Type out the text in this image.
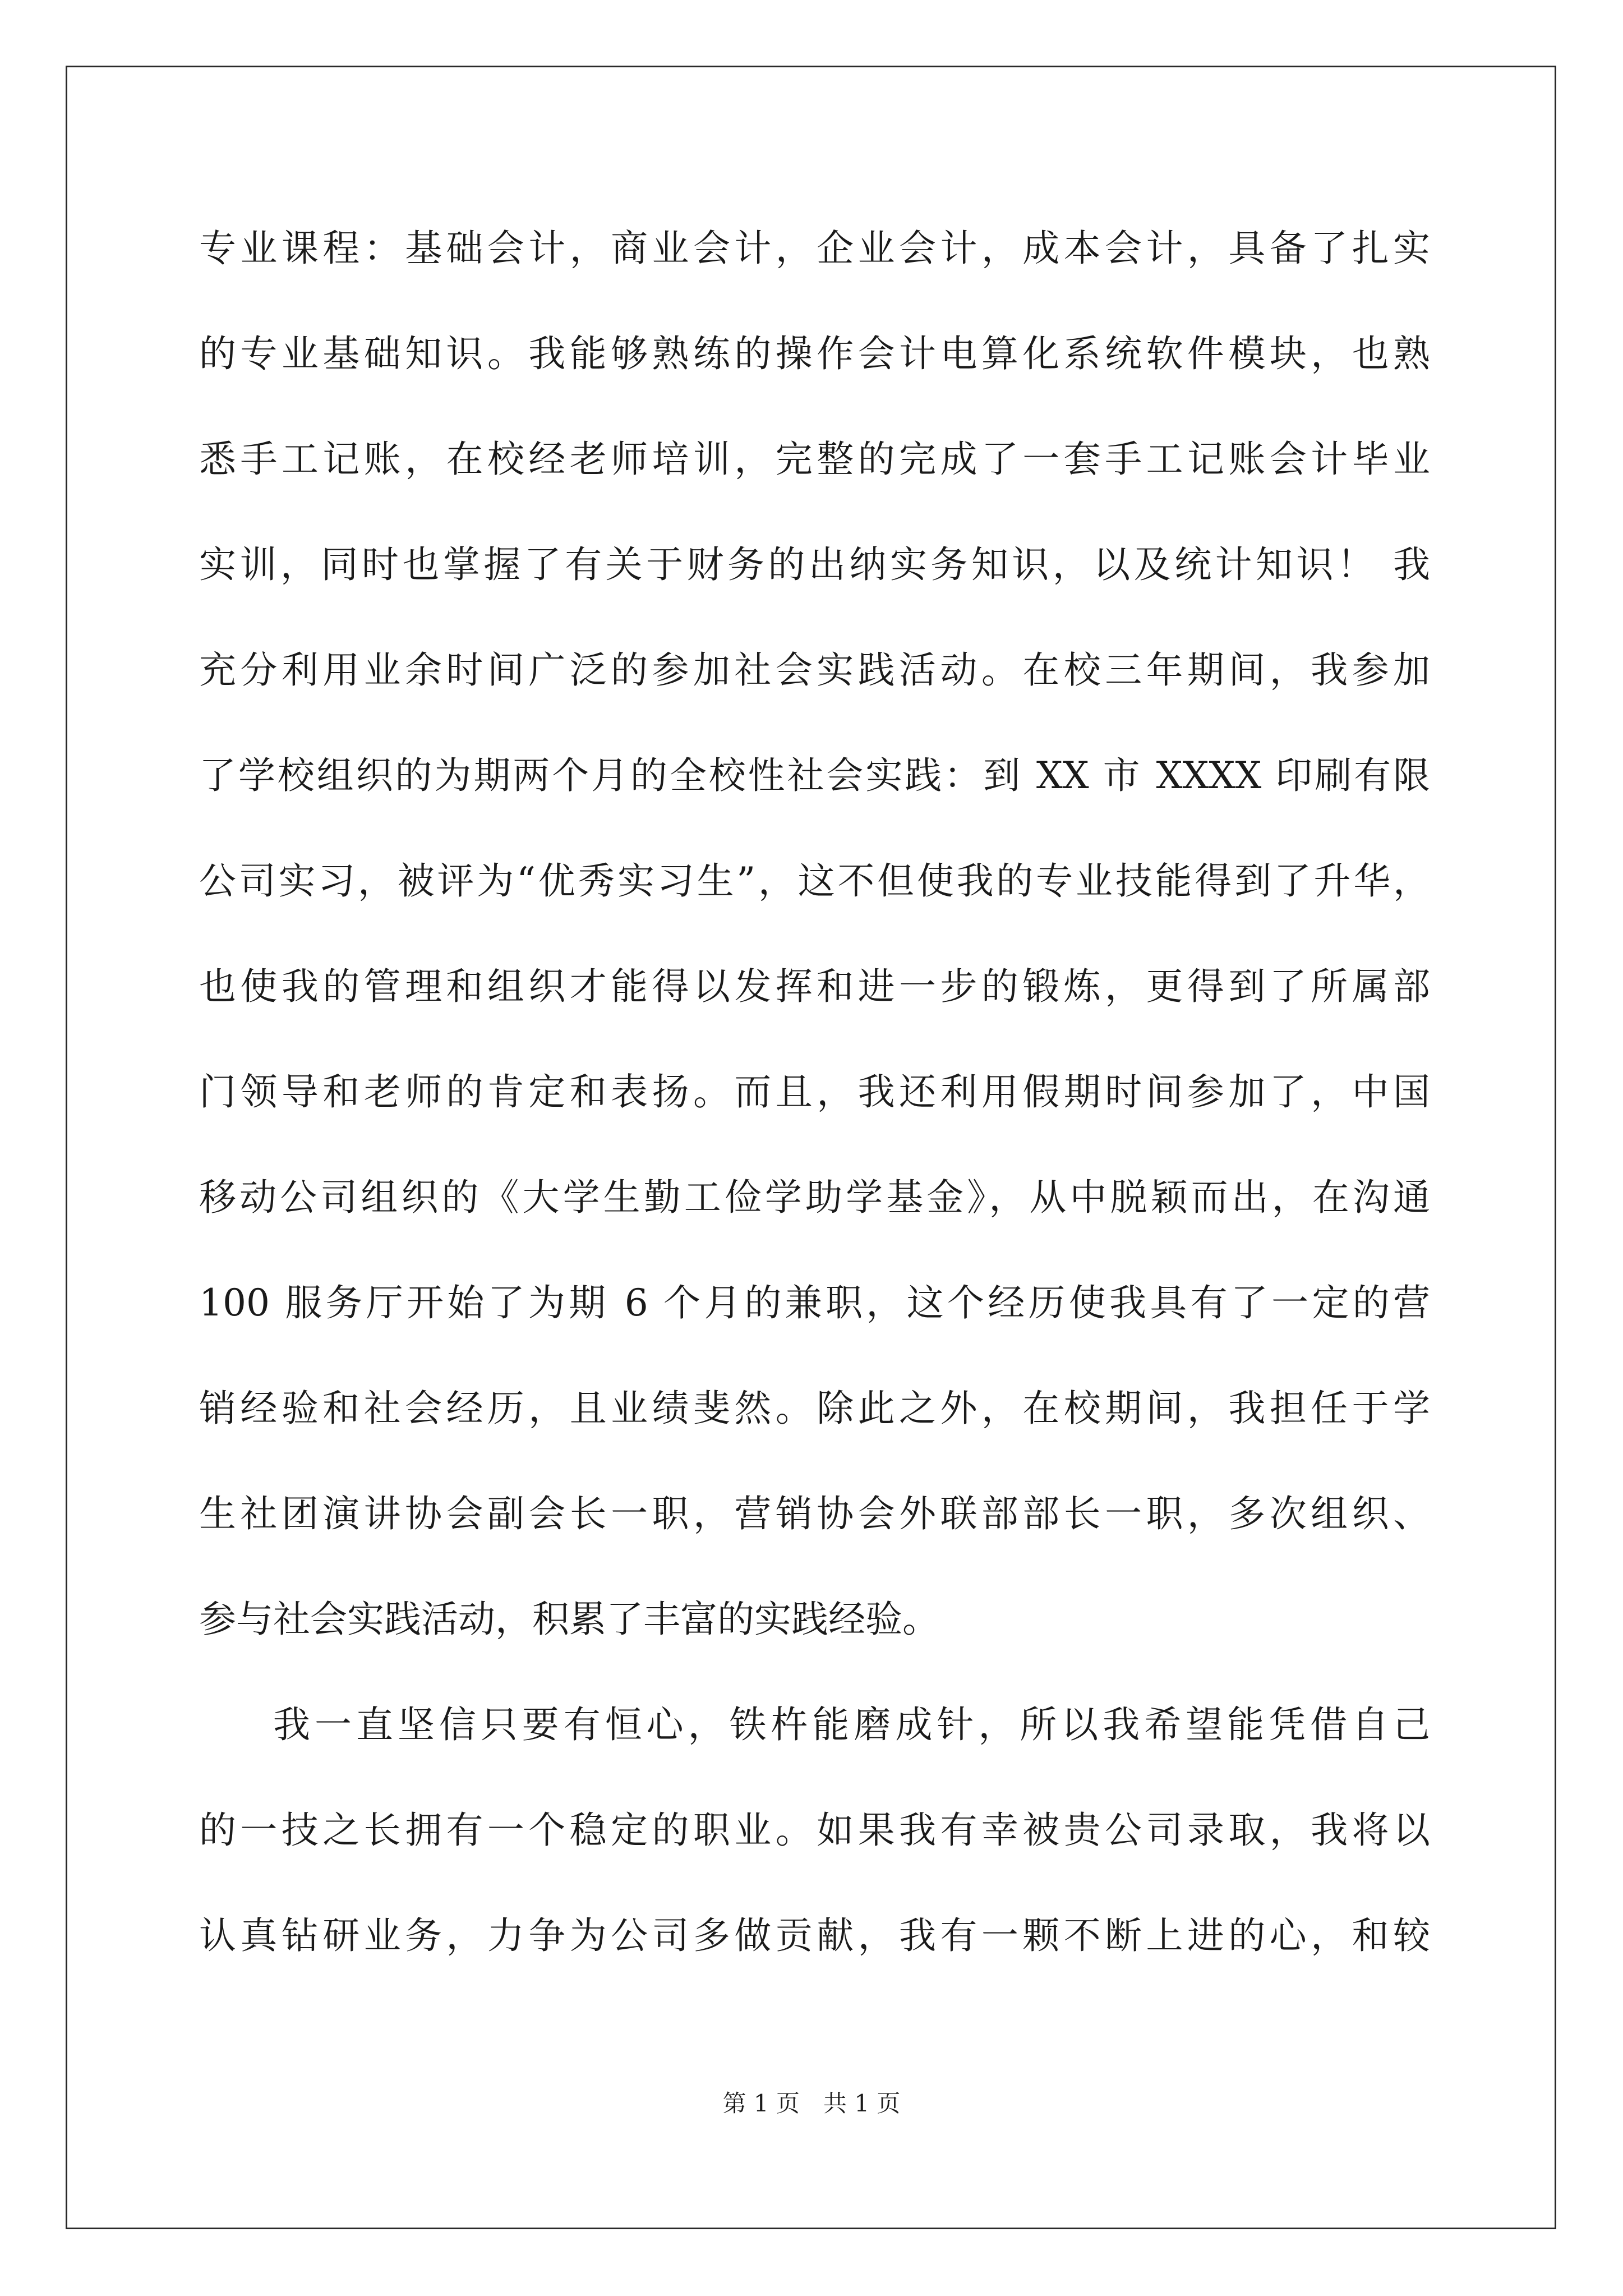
专业课程：基础会计，商业会计，企业会计，成本会计，具备了扎实
的专业基础知识。我能够熟练的操作会计电算化系统软件模块，也熟
悉手工记账，在校经老师培训，完整的完成了一套手工记账会计毕业
实训，同时也掌握了有关于财务的出纳实务知识，以及统计知识！ 我
充分利用业余时间广泛的参加社会实践活动。在校三年期间，我参加
了学校组织的为期两个月的全校性社会实践：到 XX 市 XXXX 印刷有限
公司实习，被评为“优秀实习生”，这不但使我的专业技能得到了升华，
也使我的管理和组织才能得以发挥和进一步的锻炼，更得到了所属部
门领导和老师的肯定和表扬。而且，我还利用假期时间参加了，中国
移动公司组织的《大学生勤工俭学助学基金》，从中脱颖而出，在沟通
100 服务厅开始了为期 6 个月的兼职，这个经历使我具有了一定的营
销经验和社会经历，且业绩斐然。除此之外，在校期间，我担任于学
生社团演讲协会副会长一职，营销协会外联部部长一职，多次组织、
参与社会实践活动，积累了丰富的实践经验。
我一直坚信只要有恒心，铁杵能磨成针，所以我希望能凭借自己
的一技之长拥有一个稳定的职业。如果我有幸被贵公司录取，我将以
认真钻研业务，力争为公司多做贡献，我有一颗不断上进的心，和较
第 1 页　共 1 页
